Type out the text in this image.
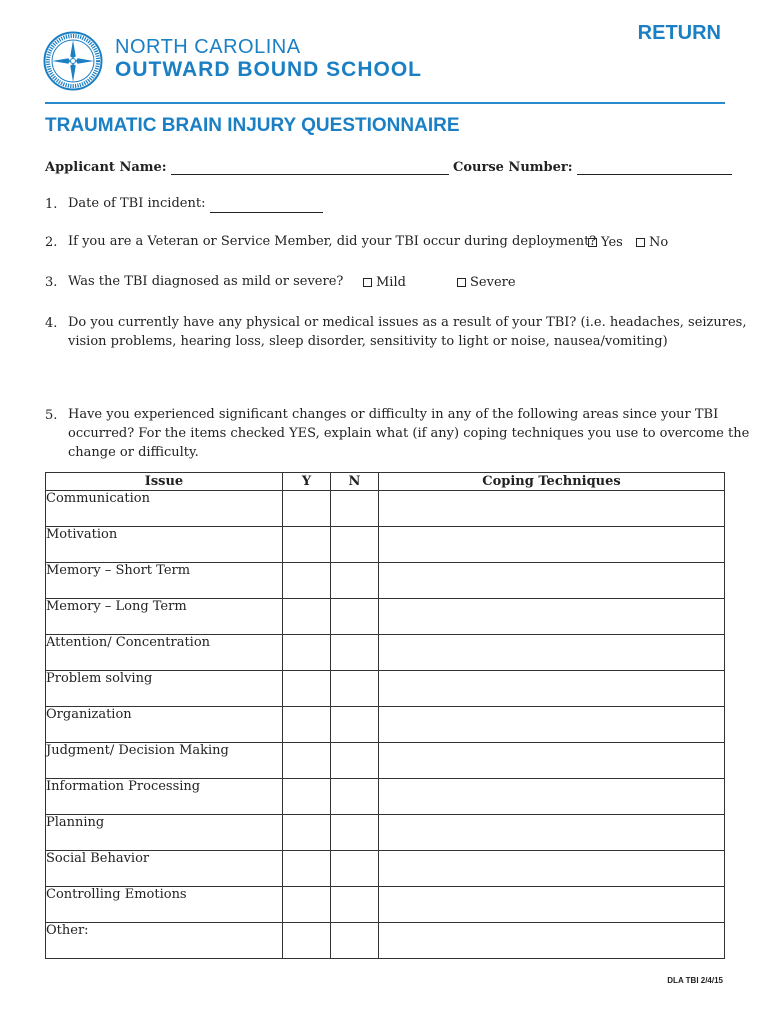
NORTH CAROLINA
OUTWARD BOUND SCHOOL
RETURN
TRAUMATIC BRAIN INJURY QUESTIONNAIRE
Applicant Name:	Course Number:
1. Date of TBI incident:
2. If you are a Veteran or Service Member, did your TBI occur during deployment? Yes	No
3. Was the TBI diagnosed as mild or severe?	Mild	Severe
4. Do you currently have any physical or medical issues as a result of your TBI? (i.e. headaches, seizures,
vision problems, hearing loss, sleep disorder, sensitivity to light or noise, nausea/vomiting)
5. Have you experienced significant changes or difficulty in any of the following areas since your TBI
occurred? For the items checked YES, explain what (if any) coping techniques you use to overcome the
change or difficulty.
Issue	Y	N	Coping Techniques
Communication			
Motivation			
Memory – Short Term			
Memory – Long Term			
Attention/ Concentration			
Problem solving			
Organization			
Judgment/ Decision Making			
Information Processing			
Planning			
Social Behavior			
Controlling Emotions			
Other:			
DLA TBI 2/4/15
